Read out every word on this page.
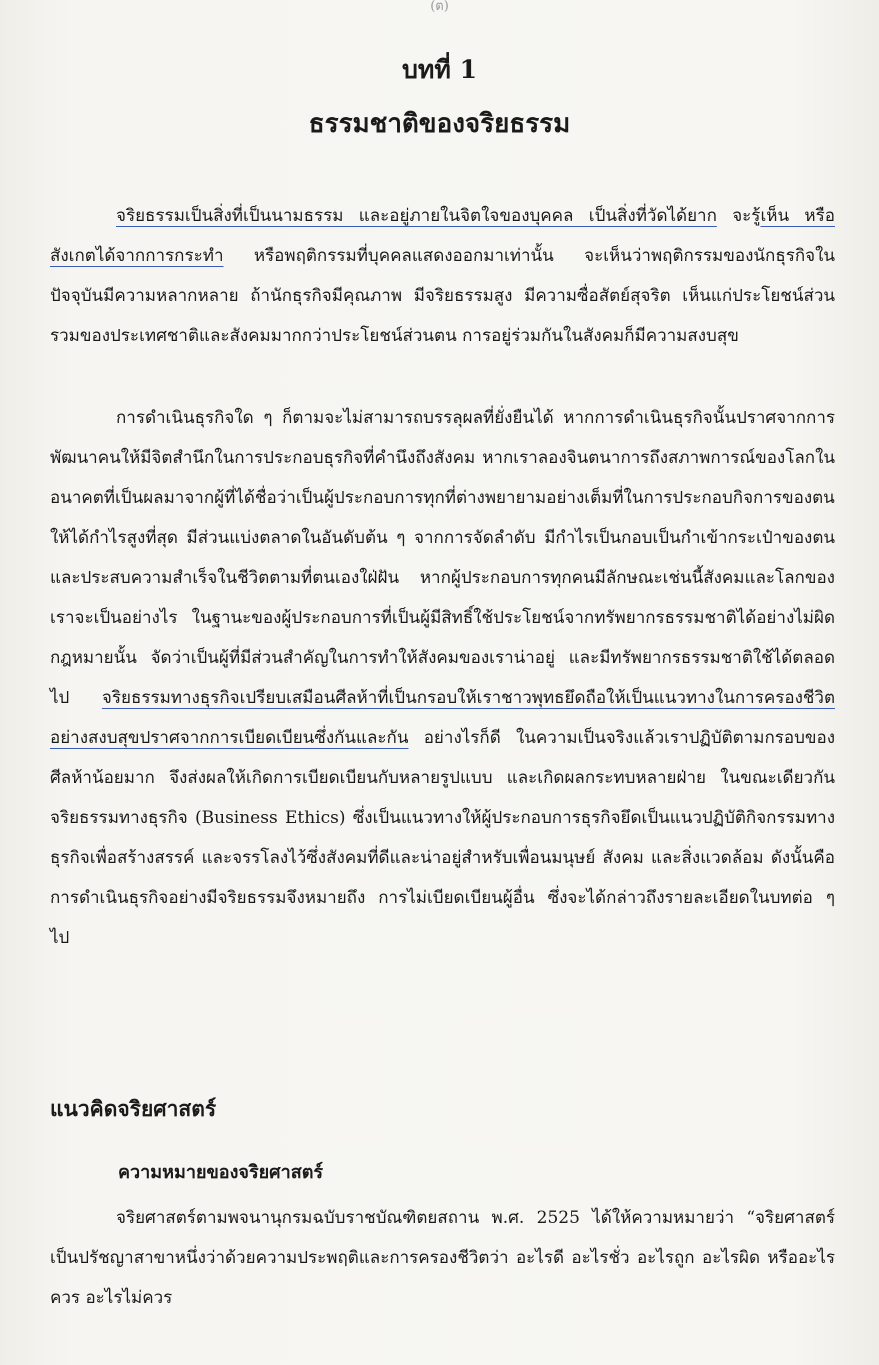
(ต)
บทที่ 1
ธรรมชาติของจริยธรรม

จริยธรรมเป็นสิ่งที่เป็นนามธรรม และอยู่ภายในจิตใจของบุคคล เป็นสิ่งที่วัดได้ยาก จะรู้เห็น หรือสังเกตได้จากการกระทำ หรือพฤติกรรมที่บุคคลแสดงออกมาเท่านั้น จะเห็นว่าพฤติกรรมของนักธุรกิจในปัจจุบันมีความหลากหลาย ถ้านักธุรกิจมีคุณภาพ มีจริยธรรมสูง มีความซื่อสัตย์สุจริต เห็นแก่ประโยชน์ส่วนรวมของประเทศชาติและสังคมมากกว่าประโยชน์ส่วนตน การอยู่ร่วมกันในสังคมก็มีความสงบสุข

การดำเนินธุรกิจใด ๆ ก็ตามจะไม่สามารถบรรลุผลที่ยั่งยืนได้ หากการดำเนินธุรกิจนั้นปราศจากการพัฒนาคนให้มีจิตสำนึกในการประกอบธุรกิจที่คำนึงถึงสังคม หากเราลองจินตนาการถึงสภาพการณ์ของโลกในอนาคตที่เป็นผลมาจากผู้ที่ได้ชื่อว่าเป็นผู้ประกอบการทุกที่ต่างพยายามอย่างเต็มที่ในการประกอบกิจการของตนให้ได้กำไรสูงที่สุด มีส่วนแบ่งตลาดในอันดับต้น ๆ จากการจัดลำดับ มีกำไรเป็นกอบเป็นกำเข้ากระเป๋าของตน และประสบความสำเร็จในชีวิตตามที่ตนเองใฝ่ฝัน หากผู้ประกอบการทุกคนมีลักษณะเช่นนี้สังคมและโลกของเราจะเป็นอย่างไร ในฐานะของผู้ประกอบการที่เป็นผู้มีสิทธิ์ใช้ประโยชน์จากทรัพยากรธรรมชาติได้อย่างไม่ผิดกฎหมายนั้น จัดว่าเป็นผู้ที่มีส่วนสำคัญในการทำให้สังคมของเราน่าอยู่ และมีทรัพยากรธรรมชาติใช้ได้ตลอดไป จริยธรรมทางธุรกิจเปรียบเสมือนศีลห้าที่เป็นกรอบให้เราชาวพุทธยึดถือให้เป็นแนวทางในการครองชีวิตอย่างสงบสุขปราศจากการเบียดเบียนซึ่งกันและกัน อย่างไรก็ดี ในความเป็นจริงแล้วเราปฏิบัติตามกรอบของศีลห้าน้อยมาก จึงส่งผลให้เกิดการเบียดเบียนกับหลายรูปแบบ และเกิดผลกระทบหลายฝ่าย ในขณะเดียวกันจริยธรรมทางธุรกิจ (Business Ethics) ซึ่งเป็นแนวทางให้ผู้ประกอบการธุรกิจยึดเป็นแนวปฏิบัติกิจกรรมทางธุรกิจเพื่อสร้างสรรค์ และจรรโลงไว้ซึ่งสังคมที่ดีและน่าอยู่สำหรับเพื่อนมนุษย์ สังคม และสิ่งแวดล้อม ดังนั้นคือ การดำเนินธุรกิจอย่างมีจริยธรรมจึงหมายถึง การไม่เบียดเบียนผู้อื่น ซึ่งจะได้กล่าวถึงรายละเอียดในบทต่อ ๆ ไป

แนวคิดจริยศาสตร์
ความหมายของจริยศาสตร์

จริยศาสตร์ตามพจนานุกรมฉบับราชบัณฑิตยสถาน พ.ศ. 2525 ได้ให้ความหมายว่า “จริยศาสตร์เป็นปรัชญาสาขาหนึ่งว่าด้วยความประพฤติและการครองชีวิตว่า อะไรดี อะไรชั่ว อะไรถูก อะไรผิด หรืออะไรควร อะไรไม่ควร
